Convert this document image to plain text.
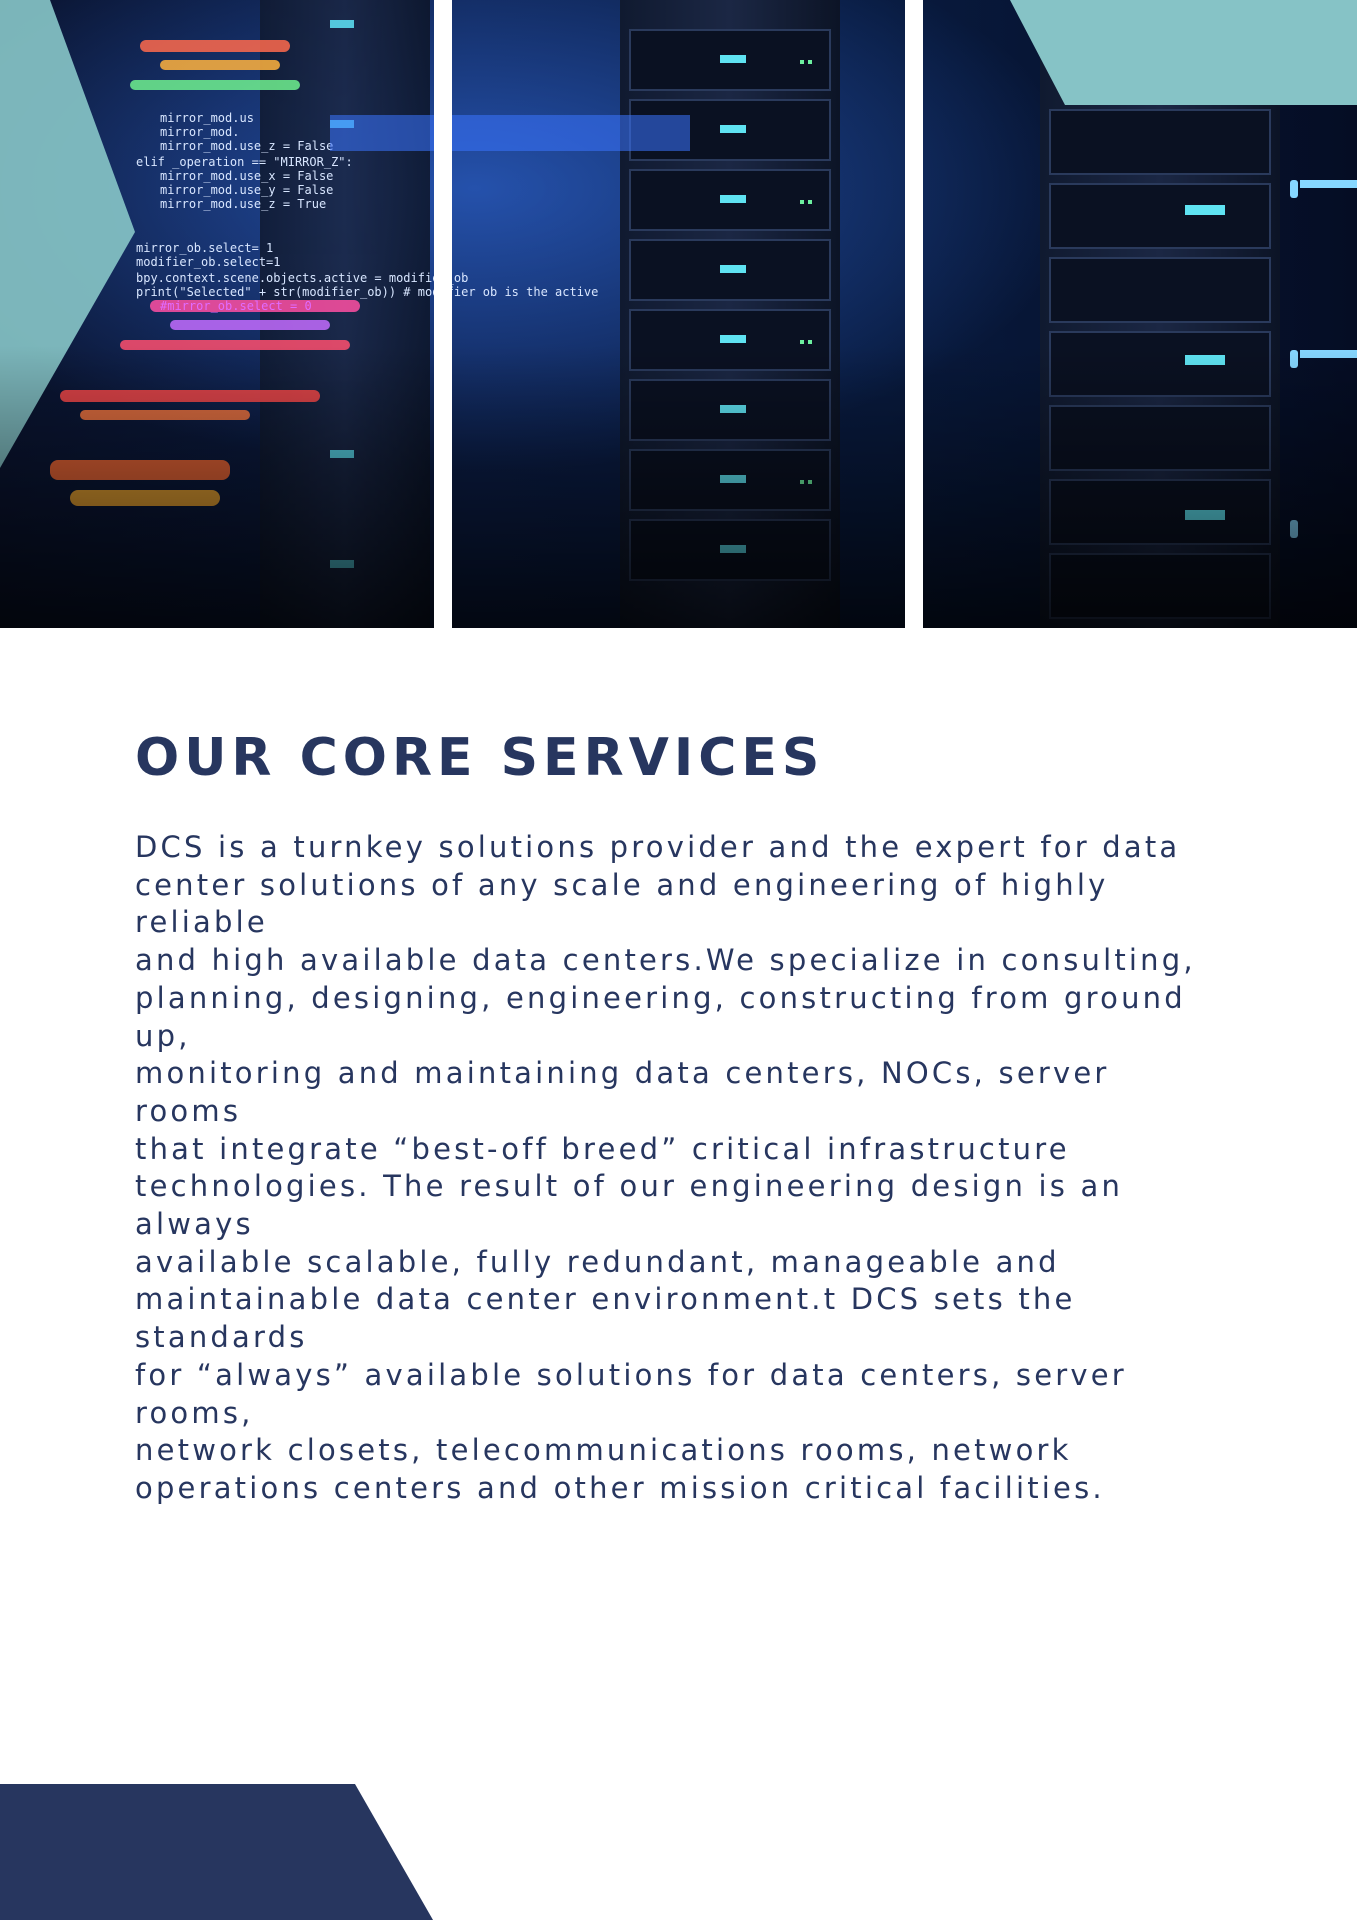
OUR CORE SERVICES

DCS is a turnkey solutions provider and the expert for data
center solutions of any scale and engineering of highly reliable
and high available data centers.We specialize in consulting,
planning, designing, engineering, constructing from ground up,
monitoring and maintaining data centers, NOCs, server rooms
that integrate “best-off breed” critical infrastructure
technologies. The result of our engineering design is an always
available scalable, fully redundant, manageable and
maintainable data center environment.t DCS sets the standards
for “always” available solutions for data centers, server rooms,
network closets, telecommunications rooms, network
operations centers and other mission critical facilities.
